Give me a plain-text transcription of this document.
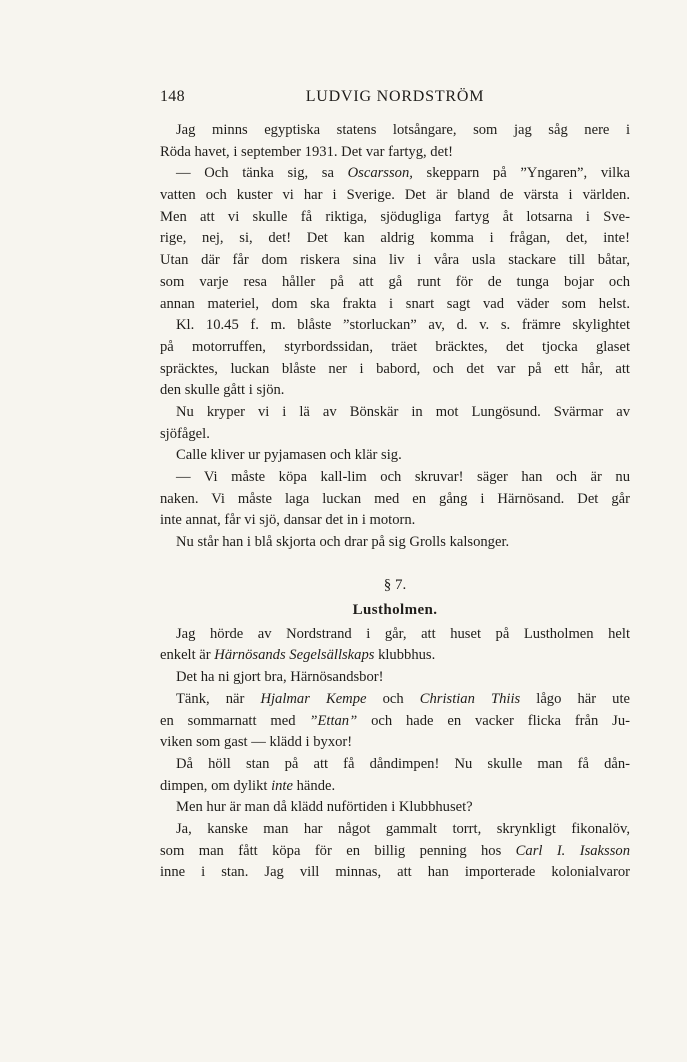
148	LUDVIG NORDSTRÖM
Jag minns egyptiska statens lotsångare, som jag såg nere i
Röda havet, i september 1931. Det var fartyg, det!
— Och tänka sig, sa Oscarsson, skepparn på ”Yngaren”, vilka
vatten och kuster vi har i Sverige. Det är bland de värsta i världen.
Men att vi skulle få riktiga, sjödugliga fartyg åt lotsarna i Sve-
rige, nej, si, det! Det kan aldrig komma i frågan, det, inte!
Utan där får dom riskera sina liv i våra usla stackare till båtar,
som varje resa håller på att gå runt för de tunga bojar och
annan materiel, dom ska frakta i snart sagt vad väder som helst.
Kl. 10.45 f. m. blåste ”storluckan” av, d. v. s. främre skylightet
på motorruffen, styrbordssidan, träet bräcktes, det tjocka glaset
spräcktes, luckan blåste ner i babord, och det var på ett hår, att
den skulle gått i sjön.
Nu kryper vi i lä av Bönskär in mot Lungösund. Svärmar av
sjöfågel.
Calle kliver ur pyjamasen och klär sig.
— Vi måste köpa kall-lim och skruvar! säger han och är nu
naken. Vi måste laga luckan med en gång i Härnösand. Det går
inte annat, får vi sjö, dansar det in i motorn.
Nu står han i blå skjorta och drar på sig Grolls kalsonger.
§ 7.
Lustholmen.
Jag hörde av Nordstrand i går, att huset på Lustholmen helt
enkelt är Härnösands Segelsällskaps klubbhus.
Det ha ni gjort bra, Härnösandsbor!
Tänk, när Hjalmar Kempe och Christian Thiis lågo här ute
en sommarnatt med ”Ettan” och hade en vacker flicka från Ju-
viken som gast — klädd i byxor!
Då höll stan på att få dåndimpen! Nu skulle man få dån-
dimpen, om dylikt inte hände.
Men hur är man då klädd nuförtiden i Klubbhuset?
Ja, kanske man har något gammalt torrt, skrynkligt fikonalöv,
som man fått köpa för en billig penning hos Carl I. Isaksson
inne i stan. Jag vill minnas, att han importerade kolonialvaror
